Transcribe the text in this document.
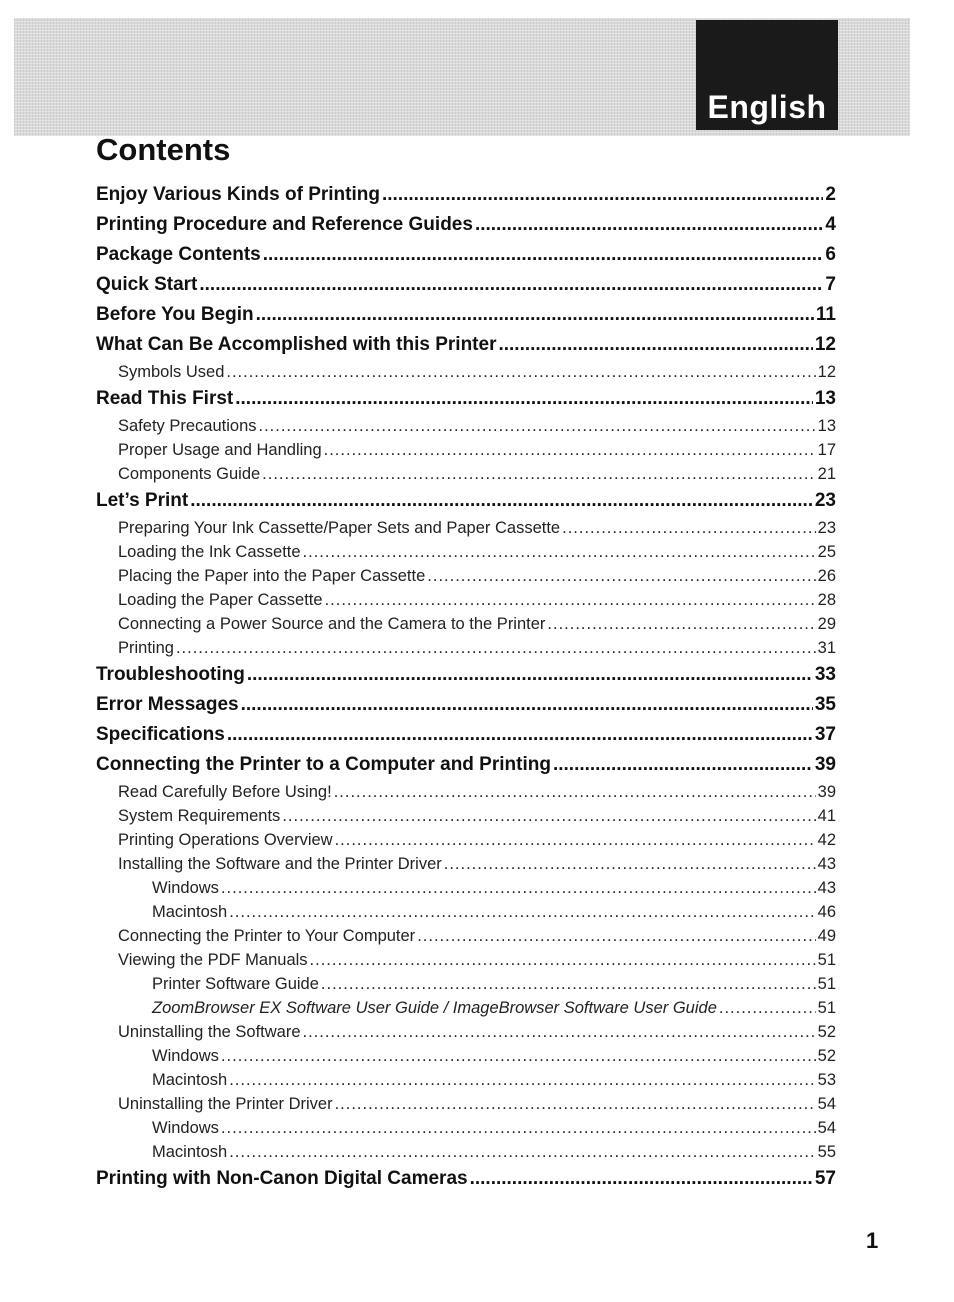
English
Contents
Enjoy Various Kinds of Printing .....	2
Printing Procedure and Reference Guides .....	4
Package Contents .....	6
Quick Start .....	7
Before You Begin .....	11
What Can Be Accomplished with this Printer .....	12
Symbols Used .....	12
Read This First .....	13
Safety Precautions .....	13
Proper Usage and Handling .....	17
Components Guide .....	21
Let’s Print .....	23
Preparing Your Ink Cassette/Paper Sets and Paper Cassette .....	23
Loading the Ink Cassette .....	25
Placing the Paper into the Paper Cassette .....	26
Loading the Paper Cassette .....	28
Connecting a Power Source and the Camera to the Printer .....	29
Printing .....	31
Troubleshooting .....	33
Error Messages .....	35
Specifications .....	37
Connecting the Printer to a Computer and Printing .....	39
Read Carefully Before Using! .....	39
System Requirements .....	41
Printing Operations Overview .....	42
Installing the Software and the Printer Driver .....	43
Windows .....	43
Macintosh .....	46
Connecting the Printer to Your Computer .....	49
Viewing the PDF Manuals .....	51
Printer Software Guide .....	51
ZoomBrowser EX Software User Guide / ImageBrowser Software User Guide .....	51
Uninstalling the Software .....	52
Windows .....	52
Macintosh .....	53
Uninstalling the Printer Driver .....	54
Windows .....	54
Macintosh .....	55
Printing with Non-Canon Digital Cameras .....	57
1
